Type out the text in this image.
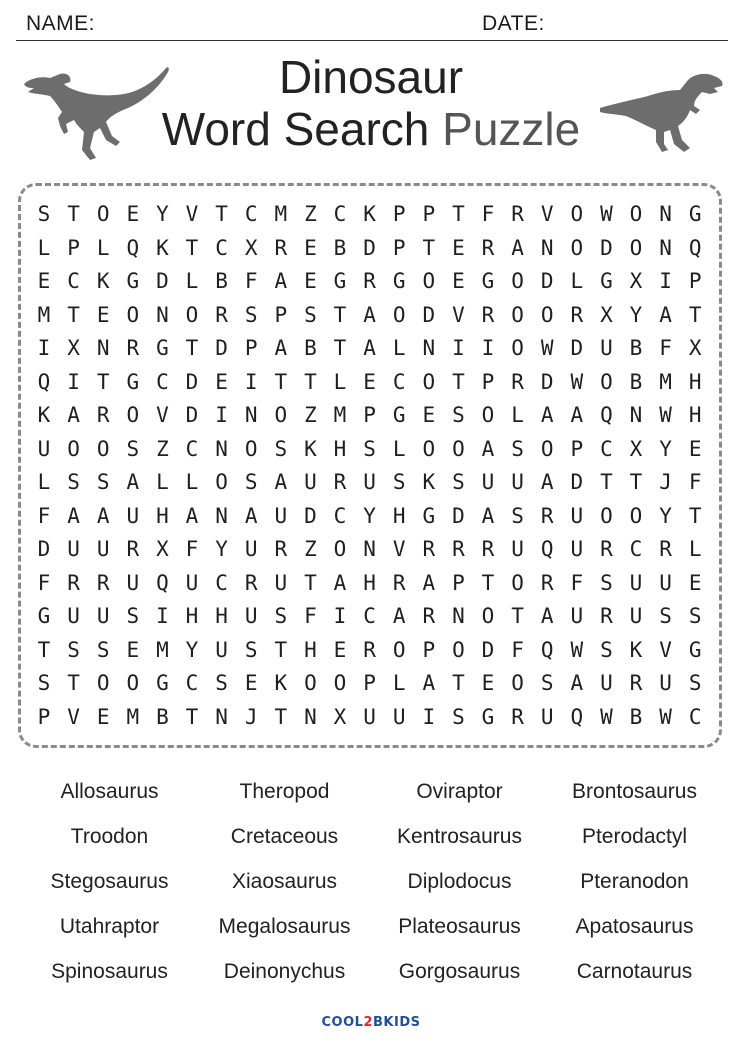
NAME:	DATE:
Dinosaur
Word Search Puzzle
S T O E Y V T C M Z C K P P T F R V O W O N G
L P L Q K T C X R E B D P T E R A N O D O N Q
E C K G D L B F A E G R G O E G O D L G X I P
M T E O N O R S P S T A O D V R O O R X Y A T
I X N R G T D P A B T A L N I I O W D U B F X
Q I T G C D E I T T L E C O T P R D W O B M H
K A R O V D I N O Z M P G E S O L A A Q N W H
U O O S Z C N O S K H S L O O A S O P C X Y E
L S S A L L O S A U R U S K S U U A D T T J F
F A A U H A N A U D C Y H G D A S R U O O Y T
D U U R X F Y U R Z O N V R R R U Q U R C R L
F R R U Q U C R U T A H R A P T O R F S U U E
G U U S I H H U S F I C A R N O T A U R U S S
T S S E M Y U S T H E R O P O D F Q W S K V G
S T O O G C S E K O O P L A T E O S A U R U S
P V E M B T N J T N X U U I S G R U Q W B W C
Allosaurus	Theropod	Oviraptor	Brontosaurus
Troodon	Cretaceous	Kentrosaurus	Pterodactyl
Stegosaurus	Xiaosaurus	Diplodocus	Pteranodon
Utahraptor	Megalosaurus	Plateosaurus	Apatosaurus
Spinosaurus	Deinonychus	Gorgosaurus	Carnotaurus
COOL2BKIDS
